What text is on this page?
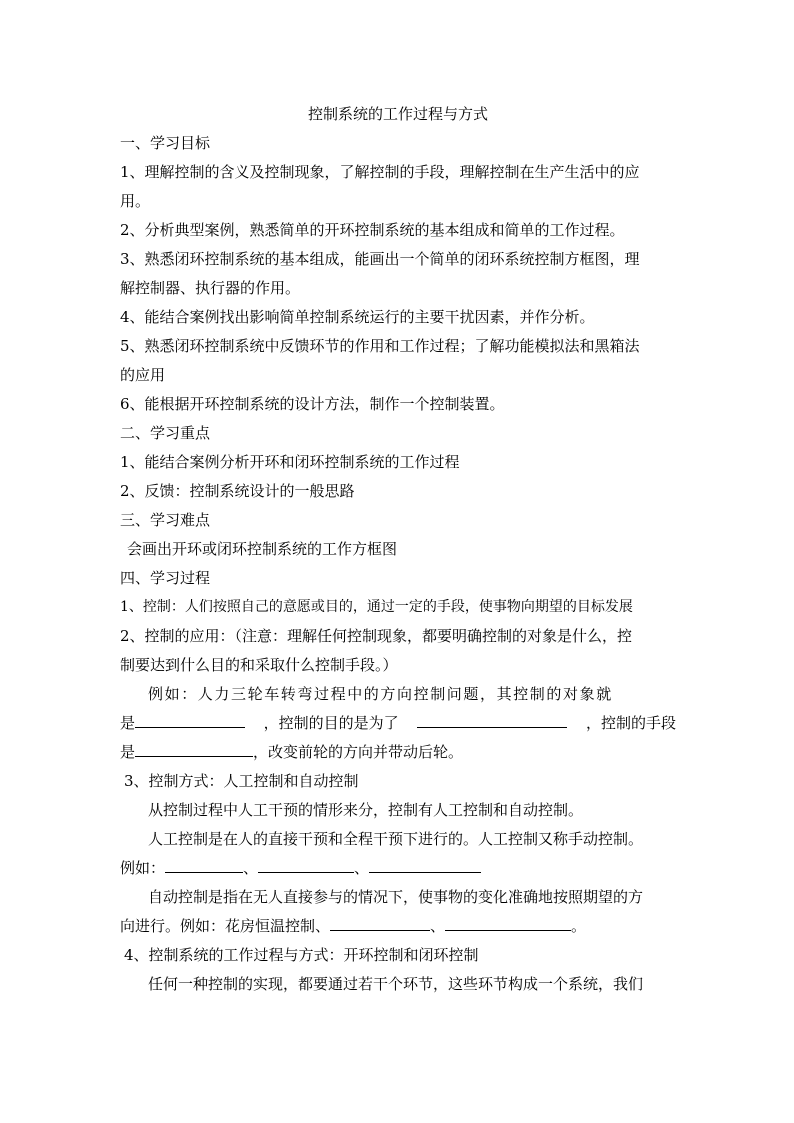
控制系统的工作过程与方式
一、学习目标
1、理解控制的含义及控制现象，了解控制的手段，理解控制在生产生活中的应
用。
2、分析典型案例，熟悉简单的开环控制系统的基本组成和简单的工作过程。
3、熟悉闭环控制系统的基本组成，能画出一个简单的闭环系统控制方框图，理
解控制器、执行器的作用。
4、能结合案例找出影响简单控制系统运行的主要干扰因素，并作分析。
5、熟悉闭环控制系统中反馈环节的作用和工作过程；了解功能模拟法和黑箱法
的应用
6、能根据开环控制系统的设计方法，制作一个控制装置。
二、学习重点
1、能结合案例分析开环和闭环控制系统的工作过程
2、反馈：控制系统设计的一般思路
三、学习难点
会画出开环或闭环控制系统的工作方框图
四、学习过程
1、控制：人们按照自己的意愿或目的，通过一定的手段，使事物向期望的目标发展
2、控制的应用：（注意：理解任何控制现象，都要明确控制的对象是什么，控
制要达到什么目的和采取什么控制手段。）
例如：人力三轮车转弯过程中的方向控制问题，其控制的对象就
是	，控制的目的是为了	，控制的手段
是	，改变前轮的方向并带动后轮。
3、控制方式：人工控制和自动控制
从控制过程中人工干预的情形来分，控制有人工控制和自动控制。
人工控制是在人的直接干预和全程干预下进行的。人工控制又称手动控制。
例如：	、	、
自动控制是指在无人直接参与的情况下，使事物的变化准确地按照期望的方
向进行。例如：花房恒温控制、	、	。
4、控制系统的工作过程与方式：开环控制和闭环控制
任何一种控制的实现，都要通过若干个环节，这些环节构成一个系统，我们
